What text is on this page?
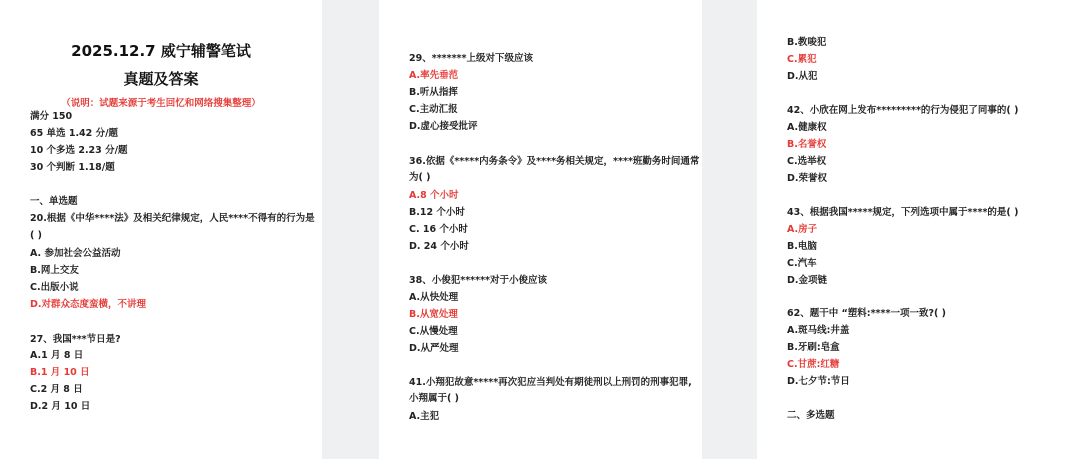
2025.12.7 威宁辅警笔试
真题及答案
（说明：试题来源于考生回忆和网络搜集整理）
满分 150
65 单选 1.42 分/题
10 个多选 2.23 分/题
30 个判断 1.18/题
一、单选题
20.根据《中华****法》及相关纪律规定，人民****不得有的行为是
( )
A. 参加社会公益活动
B.网上交友
C.出版小说
D.对群众态度蛮横，不讲理
27、我国***节日是?
A.1 月 8 日
B.1 月 10 日
C.2 月 8 日
D.2 月 10 日
29、*******上级对下级应该
A.率先垂范
B.听从指挥
C.主动汇报
D.虚心接受批评
36.依据《*****内务条令》及****务相关规定，****班勤务时间通常
为( )
A.8 个小时
B.12 个小时
C. 16 个小时
D. 24 个小时
38、小俊犯******对于小俊应该
A.从快处理
B.从宽处理
C.从慢处理
D.从严处理
41.小翔犯故意*****再次犯应当判处有期徒刑以上刑罚的刑事犯罪,
小翔属于( )
A.主犯
B.教唆犯
C.累犯
D.从犯
42、小欣在网上发布*********的行为侵犯了同事的( )
A.健康权
B.名誉权
C.选举权
D.荣誉权
43、根据我国*****规定，下列选项中属于****的是( )
A.房子
B.电脑
C.汽车
D.金项链
62、题干中 “塑料:****一项一致?( )
A.斑马线:井盖
B.牙刷:皂盒
C.甘蔗:红糖
D.七夕节:节日
二、多选题
